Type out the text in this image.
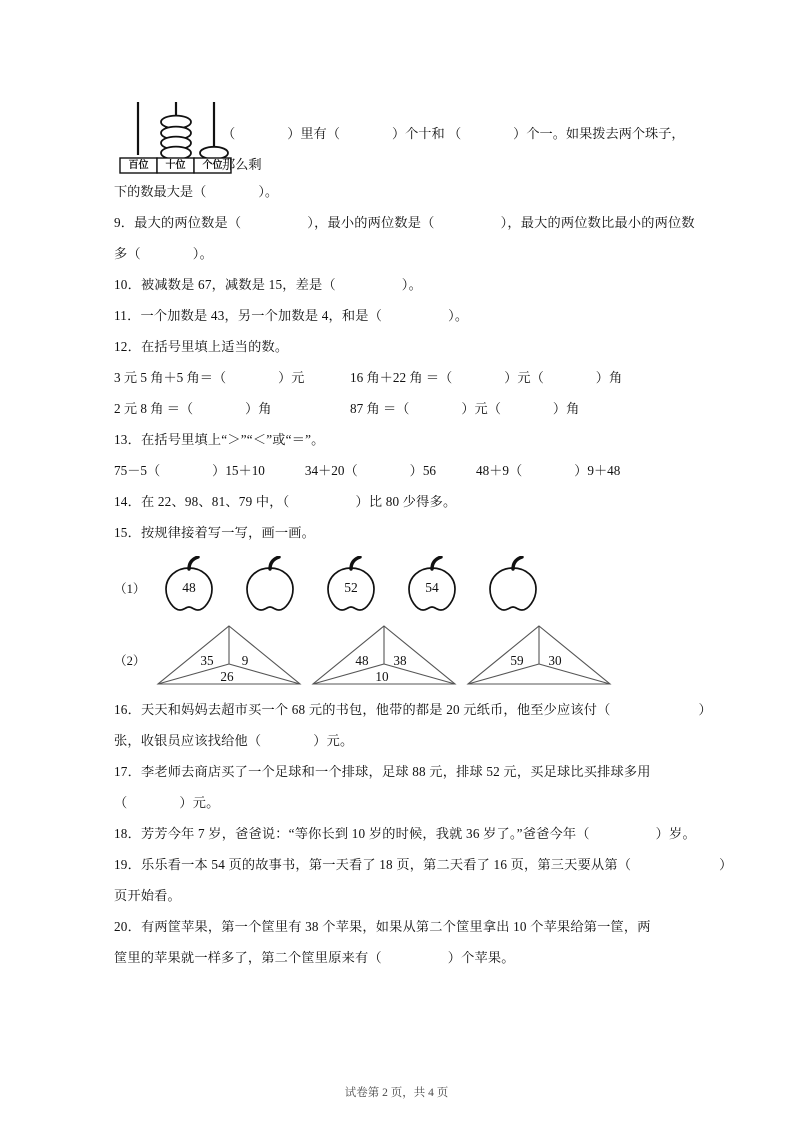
百位	十位	个位
（	）里有（	）个十和 （	）个一。如果拨去两个珠子，那么剩
下的数最大是（	）。
9．最大的两位数是（	），最小的两位数是（	），最大的两位数比最小的两位数
多（	）。
10．被减数是 67，减数是 15，差是（	）。
11．一个加数是 43，另一个加数是 4，和是（	）。
12．在括号里填上适当的数。
3 元 5 角＋5 角＝（	）元	16 角＋22 角 ＝（	）元（	）角
2 元 8 角 ＝（	）角	87 角 ＝（	）元（	）角
13．在括号里填上“＞”“＜”或“＝”。
75－5（	）15＋10	34＋20（	）56	48＋9（	）9＋48
14．在 22、98、81、79 中，（	）比 80 少得多。
15．按规律接着写一写，画一画。
（1）	48	52	54
（2）	35	9
26
48	38
10
59	30
16．天天和妈妈去超市买一个 68 元的书包，他带的都是 20 元纸币，他至少应该付（	）
张，收银员应该找给他（	）元。
17．李老师去商店买了一个足球和一个排球，足球 88 元，排球 52 元，买足球比买排球多用
（	）元。
18．芳芳今年 7 岁，爸爸说：“等你长到 10 岁的时候，我就 36 岁了。”爸爸今年（	）岁。
19．乐乐看一本 54 页的故事书，第一天看了 18 页，第二天看了 16 页，第三天要从第（	）
页开始看。
20．有两筐苹果，第一个筐里有 38 个苹果，如果从第二个筐里拿出 10 个苹果给第一筐，两
筐里的苹果就一样多了，第二个筐里原来有（	）个苹果。
试卷第 2 页，共 4 页
